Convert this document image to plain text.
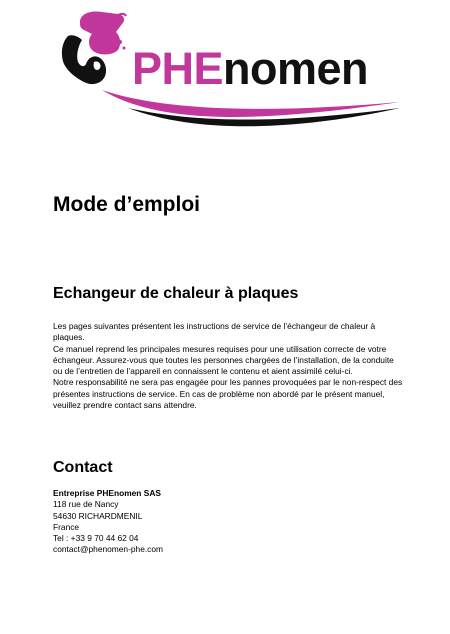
PHEnomen
Mode d’emploi
Echangeur de chaleur à plaques

Les pages suivantes présentent les instructions de service de l’échangeur de chaleur à plaques.
Ce manuel reprend les principales mesures requises pour une utilisation correcte de votre échangeur. Assurez-vous que toutes les personnes chargées de l’installation, de la conduite ou de l’entretien de l’appareil en connaissent le contenu et aient assimilé celui-ci.
Notre responsabilité ne sera pas engagée pour les pannes provoquées par le non-respect des présentes instructions de service. En cas de problème non abordé par le présent manuel, veuillez prendre contact sans attendre.

Contact
Entreprise PHEnomen SAS
118 rue de Nancy
54630 RICHARDMENIL
France
Tel : +33 9 70 44 62 04
contact@phenomen-phe.com
